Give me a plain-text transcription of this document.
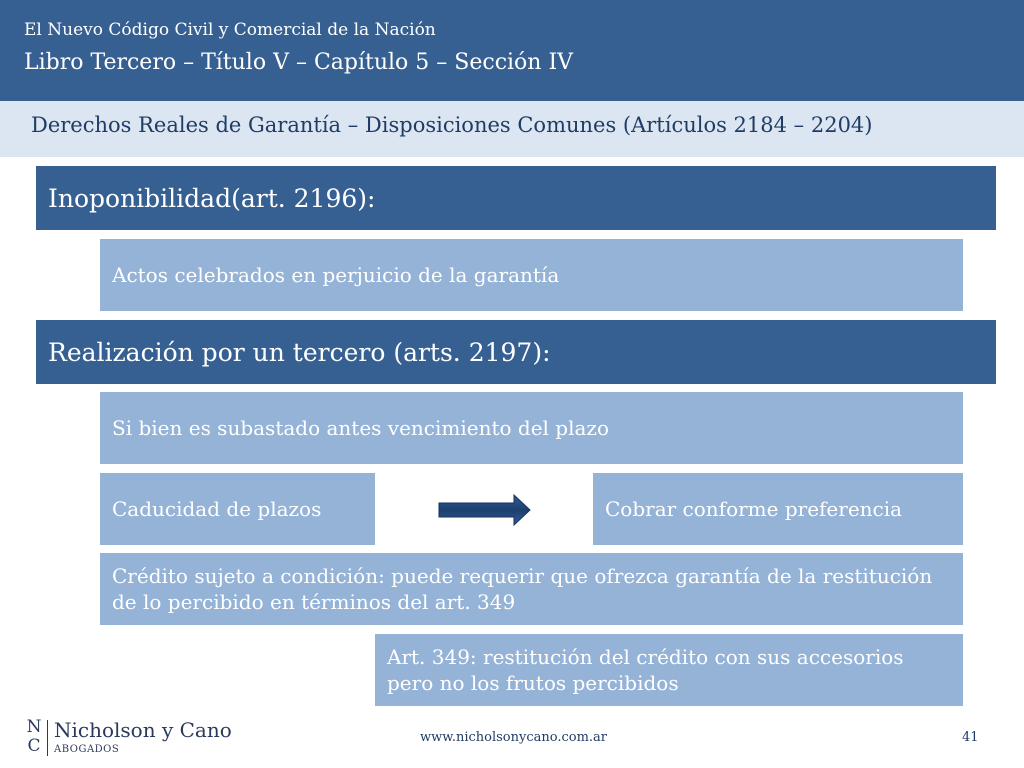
El Nuevo Código Civil y Comercial de la Nación
Libro Tercero – Título V – Capítulo 5 – Sección IV
Derechos Reales de Garantía – Disposiciones Comunes (Artículos 2184 – 2204)
Inoponibilidad(art. 2196):
Actos celebrados en perjuicio de la garantía
Realización por un tercero (arts. 2197):
Si bien es subastado antes vencimiento del plazo
Caducidad de plazos	Cobrar conforme preferencia
Crédito sujeto a condición: puede requerir que ofrezca garantía de la restitución de lo percibido en términos del art. 349
Art. 349: restitución del crédito con sus accesorios pero no los frutos percibidos
N
C
Nicholson y Cano
ABOGADOS
www.nicholsonycano.com.ar	41
